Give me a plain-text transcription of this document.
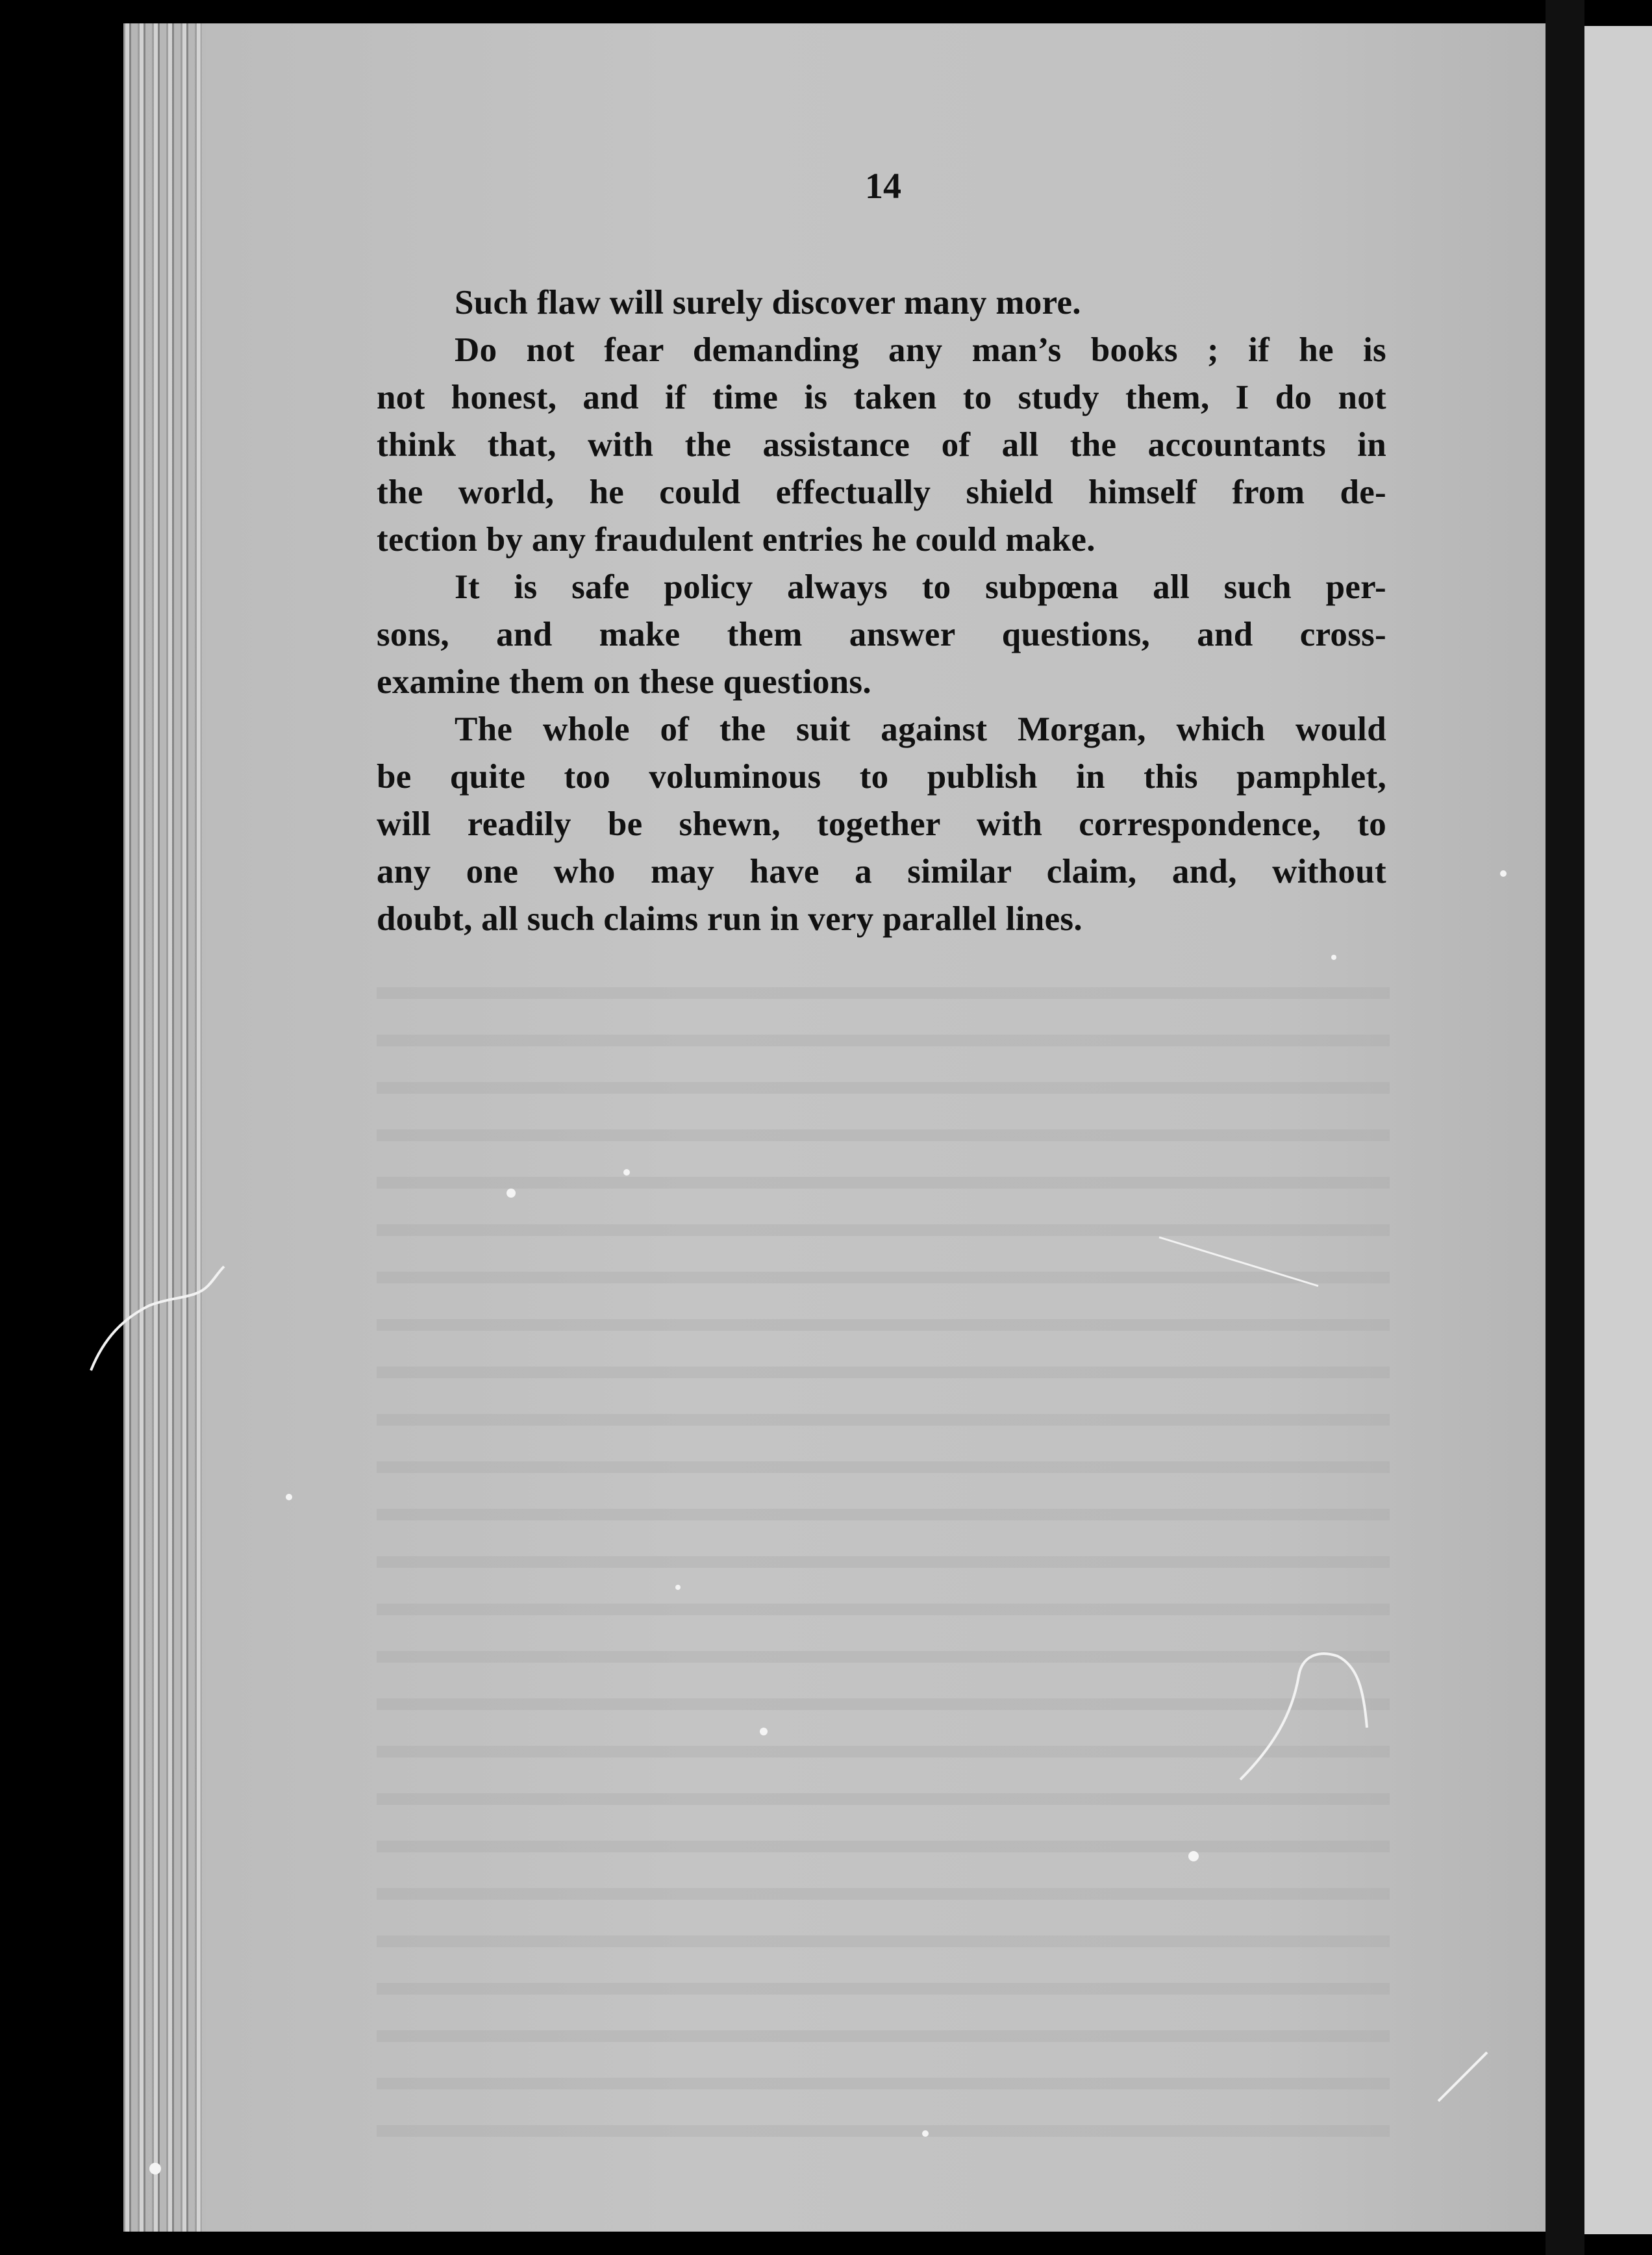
14
Such flaw will surely discover many more.
Do not fear demanding any man’s books ; if he is
not honest, and if time is taken to study them, I do not
think that, with the assistance of all the accountants in
the world, he could effectually shield himself from de-
tection by any fraudulent entries he could make.
It is safe policy always to subpœna all such per-
sons, and make them answer questions, and cross-
examine them on these questions.
The whole of the suit against Morgan, which would
be quite too voluminous to publish in this pamphlet,
will readily be shewn, together with correspondence, to
any one who may have a similar claim, and, without
doubt, all such claims run in very parallel lines.
